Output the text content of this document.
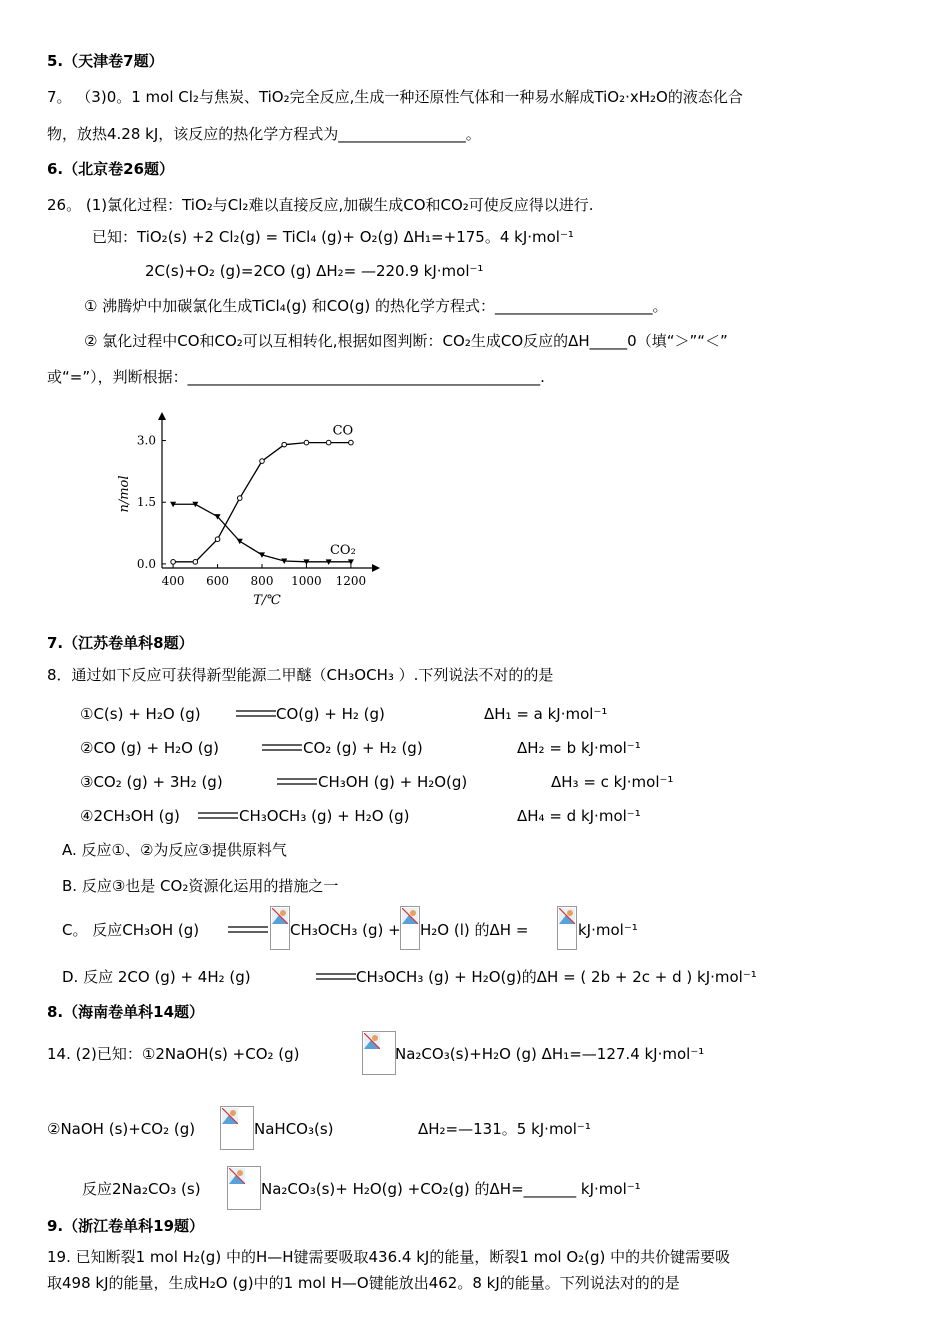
5.（天津卷7题）
7。 （3)0。1 mol Cl₂与焦炭、TiO₂完全反应,生成一种还原性气体和一种易水解成TiO₂·xH₂O的液态化合
物，放热4.28 kJ，该反应的热化学方程式为_________________。
6.（北京卷26题）
26。 (1)氯化过程：TiO₂与Cl₂难以直接反应,加碳生成CO和CO₂可使反应得以进行.
已知：TiO₂(s) +2 Cl₂(g) = TiCl₄ (g)+ O₂(g) ΔH₁=+175。4 kJ·mol⁻¹
2C(s)+O₂ (g)=2CO (g) ΔH₂= —220.9 kJ·mol⁻¹
① 沸腾炉中加碳氯化生成TiCl₄(g) 和CO(g) 的热化学方程式：_____________________。
② 氯化过程中CO和CO₂可以互相转化,根据如图判断：CO₂生成CO反应的ΔH_____0（填“＞”“＜”
或“=”），判断根据：_______________________________________________.
400 600 800 1000 1200
0.0
1.5
3.0
T/℃
n/mol
CO
CO₂
7.（江苏卷单科8题）
8．通过如下反应可获得新型能源二甲醚（CH₃OCH₃ ）.下列说法不对的的是
①C(s) + H₂O (g)	CO(g) + H₂ (g)	ΔH₁ = a kJ·mol⁻¹
②CO (g) + H₂O (g)	CO₂ (g) + H₂ (g)	ΔH₂ = b kJ·mol⁻¹
③CO₂ (g) + 3H₂ (g)	CH₃OH (g) + H₂O(g)	ΔH₃ = c kJ·mol⁻¹
④2CH₃OH (g)	CH₃OCH₃ (g) + H₂O (g)	ΔH₄ = d kJ·mol⁻¹
A. 反应①、②为反应③提供原料气
B. 反应③也是 CO₂资源化运用的措施之一
C。 反应CH₃OH (g)	CH₃OCH₃ (g) + H₂O (l) 的ΔH =	kJ·mol⁻¹
D. 反应 2CO (g) + 4H₂ (g)	CH₃OCH₃ (g) + H₂O(g)的ΔH = ( 2b + 2c + d ) kJ·mol⁻¹
8.（海南卷单科14题）
14. (2)已知：①2NaOH(s) +CO₂ (g)	Na₂CO₃(s)+H₂O (g) ΔH₁=—127.4 kJ·mol⁻¹
②NaOH (s)+CO₂ (g)	NaHCO₃(s)	ΔH₂=—131。5 kJ·mol⁻¹
反应2Na₂CO₃ (s)	Na₂CO₃(s)+ H₂O(g) +CO₂(g) 的ΔH=_______ kJ·mol⁻¹
9.（浙江卷单科19题）
19. 已知断裂1 mol H₂(g) 中的H—H键需要吸取436.4 kJ的能量，断裂1 mol O₂(g) 中的共价键需要吸
取498 kJ的能量，生成H₂O (g)中的1 mol H—O键能放出462。8 kJ的能量。下列说法对的的是
